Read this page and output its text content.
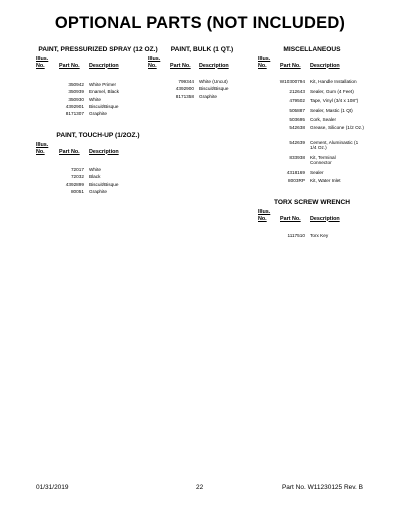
OPTIONAL PARTS (NOT INCLUDED)
PAINT, PRESSURIZED SPRAY (12 OZ.)
Illus. No.	Part No. Description
350942 White Primer
350939 Enamel, Black
350930 White
4392901 Biscuit/Bisque
8171307 Graphite
PAINT, TOUCH-UP (1/2OZ.)
Illus. No.	Part No. Description
72017 White
72032 Black
4392899 Biscuit/Bisque
80051 Graphite
PAINT, BULK (1 QT.)
Illus. No.	Part No. Description
799344 White (Uncut)
4392900 Biscuit/Bisque
8171358 Graphite
MISCELLANEOUS
Illus. No.	Part No. Description
W10300794 Kit, Handle Installation
212643 Sealer, Gum (4 Feet)
479502 Tape, Vinyl (3/4 x 108")
505887 Sealer, Mastic (1 Qt)
503695 Cork, Sealer
542638 Grease, Silicone (1/2 Oz.)
542639 Cement, Aluminastic (1 1/4 Oz.)
833938 Kit, Terminal Connector
4318169 Sealer
8003RP Kit, Water Inlet
TORX SCREW WRENCH
Illus. No.	Part No. Description
1117510 Torx Key
01/31/2019	22	Part No. W11230125 Rev. B
